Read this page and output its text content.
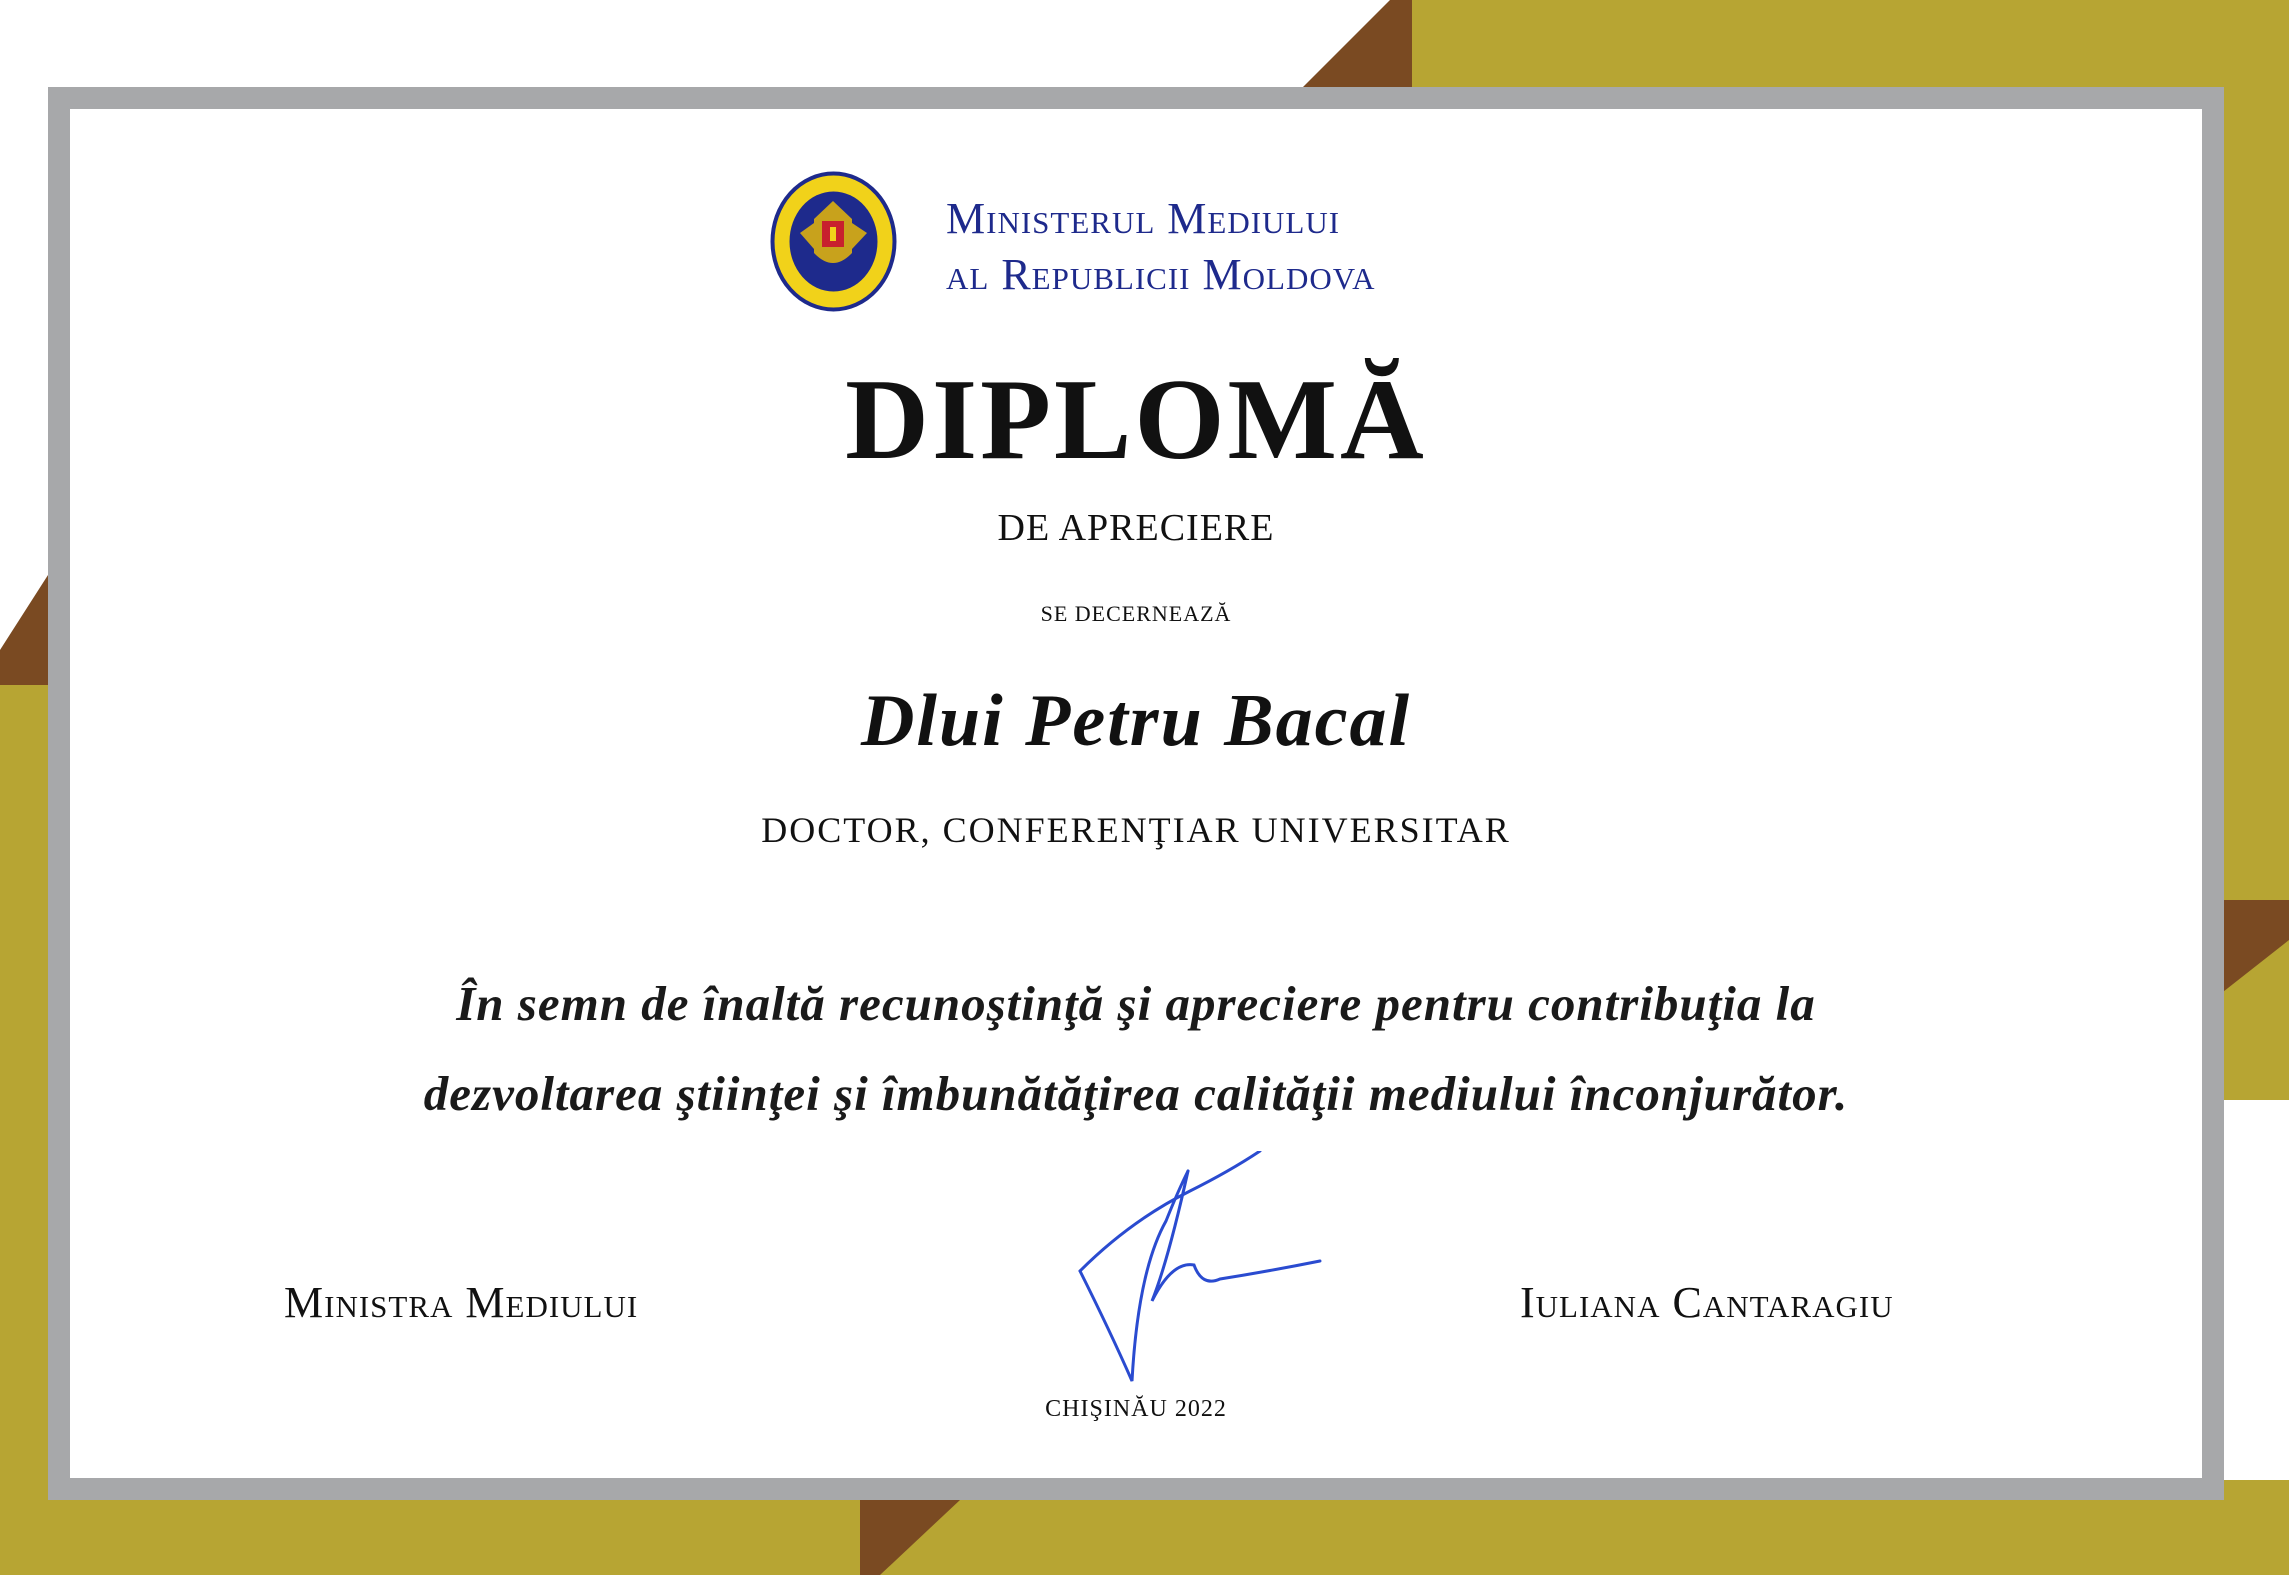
Ministerul Mediului
al Republicii Moldova
DIPLOMĂ
DE APRECIERE
SE DECERNEAZĂ
Dlui Petru Bacal
DOCTOR, CONFERENŢIAR UNIVERSITAR
În semn de înaltă recunoştinţă şi apreciere pentru contribuţia la
dezvoltarea ştiinţei şi îmbunătăţirea calităţii mediului înconjurător.
Ministra Mediului	Iuliana Cantaragiu
CHIŞINĂU 2022
